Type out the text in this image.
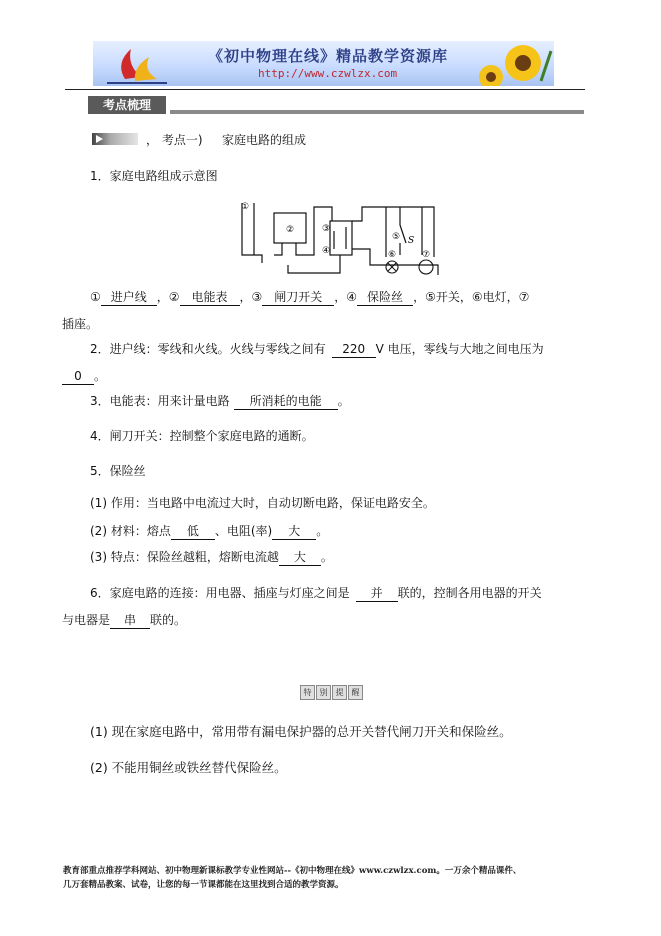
《初中物理在线》精品教学资源库
http://www.czwlzx.com
考点梳理
， 考点一) 家庭电路的组成
1．家庭电路组成示意图
①
②	③
④
⑤
⑥	⑦
S
① 进户线 ，② 电能表 ，③ 闸刀开关 ，④ 保险丝 ，⑤开关，⑥电灯，⑦
插座。
2．进户线：零线和火线。火线与零线之间有 220 V 电压，零线与大地之间电压为
0 。
3．电能表：用来计量电路 所消耗的电能 。
4．闸刀开关：控制整个家庭电路的通断。
5．保险丝
(1) 作用：当电路中电流过大时，自动切断电路，保证电路安全。
(2) 材料：熔点 低 、电阻(率) 大 。
(3) 特点：保险丝越粗，熔断电流越 大 。
6．家庭电路的连接：用电器、插座与灯座之间是 并 联的，控制各用电器的开关
与电器是 串 联的。
特 别 提 醒
(1) 现在家庭电路中，常用带有漏电保护器的总开关替代闸刀开关和保险丝。
(2) 不能用铜丝或铁丝替代保险丝。
教育部重点推荐学科网站、初中物理新课标教学专业性网站--《初中物理在线》www.czwlzx.com。一万余个精品课件、
几万套精品教案、试卷，让您的每一节课都能在这里找到合适的教学资源。
